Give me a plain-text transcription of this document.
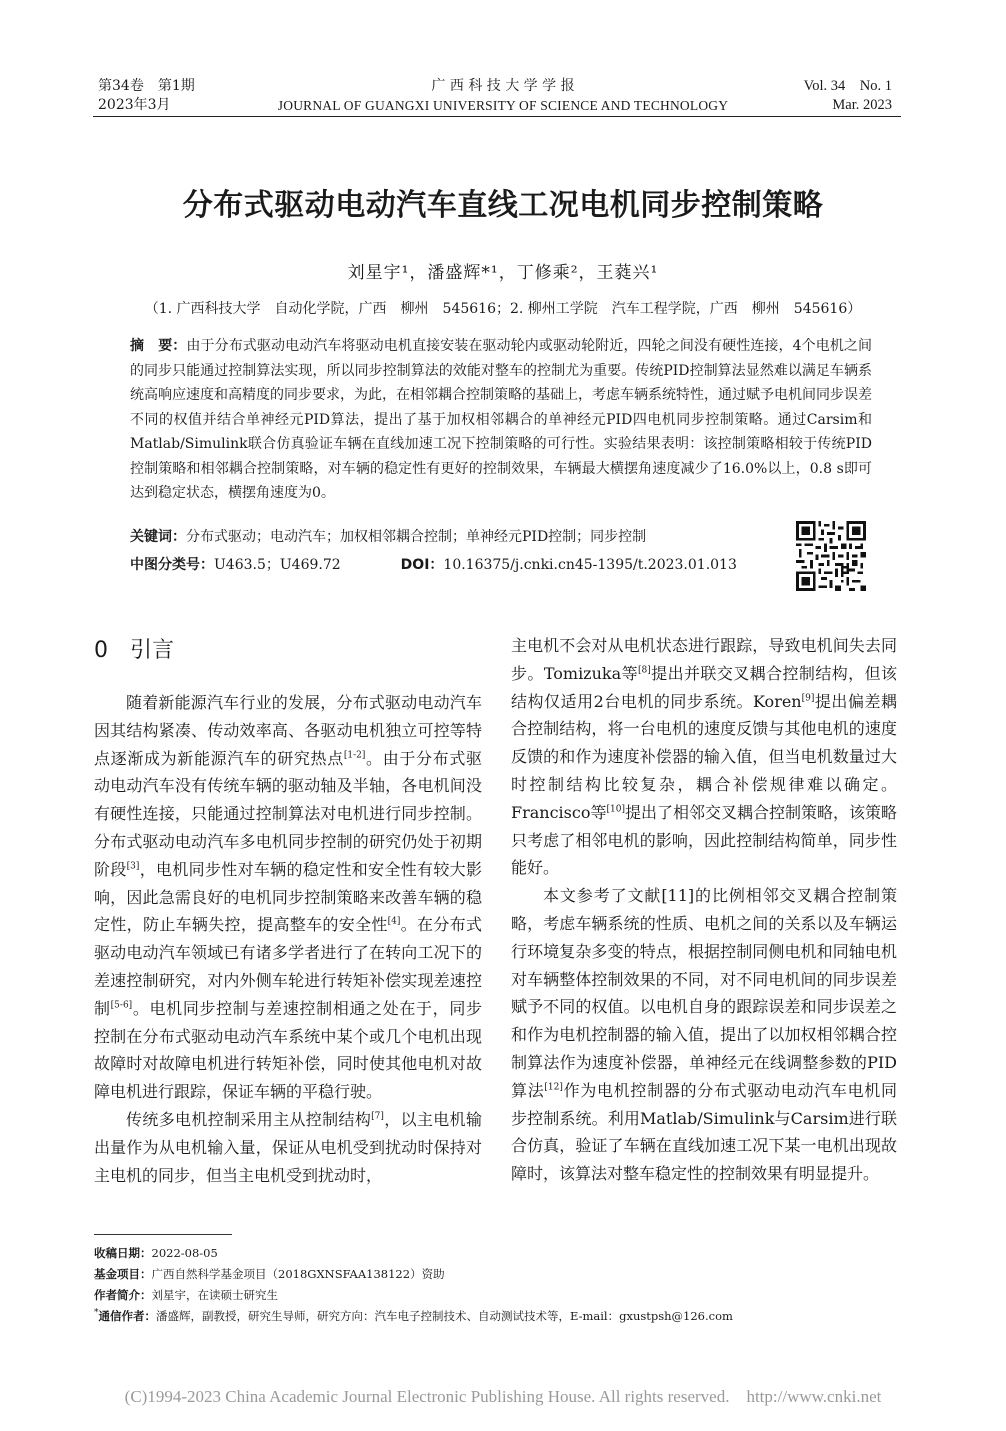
第34卷　第1期
2023年3月
广 西 科 技 大 学 学 报
JOURNAL OF GUANGXI UNIVERSITY OF SCIENCE AND TECHNOLOGY
Vol. 34　No. 1
Mar. 2023
分布式驱动电动汽车直线工况电机同步控制策略
刘星宇¹，潘盛辉*¹，丁修乘²，王蕤兴¹
（1. 广西科技大学　自动化学院，广西　柳州　545616；2. 柳州工学院　汽车工程学院，广西　柳州　545616）
摘　要：由于分布式驱动电动汽车将驱动电机直接安装在驱动轮内或驱动轮附近，四轮之间没有硬性连接，4个电机之间的同步只能通过控制算法实现，所以同步控制算法的效能对整车的控制尤为重要。传统PID控制算法显然难以满足车辆系统高响应速度和高精度的同步要求，为此，在相邻耦合控制策略的基础上，考虑车辆系统特性，通过赋予电机间同步误差不同的权值并结合单神经元PID算法，提出了基于加权相邻耦合的单神经元PID四电机同步控制策略。通过Carsim和Matlab/Simulink联合仿真验证车辆在直线加速工况下控制策略的可行性。实验结果表明：该控制策略相较于传统PID控制策略和相邻耦合控制策略，对车辆的稳定性有更好的控制效果，车辆最大横摆角速度减少了16.0%以上，0.8 s即可达到稳定状态，横摆角速度为0。
关键词：分布式驱动；电动汽车；加权相邻耦合控制；单神经元PID控制；同步控制
中图分类号：U463.5；U469.72	DOI：10.16375/j.cnki.cn45-1395/t.2023.01.013
0　引言

随着新能源汽车行业的发展，分布式驱动电动汽车因其结构紧凑、传动效率高、各驱动电机独立可控等特点逐渐成为新能源汽车的研究热点[1-2]。由于分布式驱动电动汽车没有传统车辆的驱动轴及半轴，各电机间没有硬性连接，只能通过控制算法对电机进行同步控制。分布式驱动电动汽车多电机同步控制的研究仍处于初期阶段[3]，电机同步性对车辆的稳定性和安全性有较大影响，因此急需良好的电机同步控制策略来改善车辆的稳定性，防止车辆失控，提高整车的安全性[4]。在分布式驱动电动汽车领域已有诸多学者进行了在转向工况下的差速控制研究，对内外侧车轮进行转矩补偿实现差速控制[5-6]。电机同步控制与差速控制相通之处在于，同步控制在分布式驱动电动汽车系统中某个或几个电机出现故障时对故障电机进行转矩补偿，同时使其他电机对故障电机进行跟踪，保证车辆的平稳行驶。

传统多电机控制采用主从控制结构[7]，以主电机输出量作为从电机输入量，保证从电机受到扰动时保持对主电机的同步，但当主电机受到扰动时，

主电机不会对从电机状态进行跟踪，导致电机间失去同步。Tomizuka等[8]提出并联交叉耦合控制结构，但该结构仅适用2台电机的同步系统。Koren[9]提出偏差耦合控制结构，将一台电机的速度反馈与其他电机的速度反馈的和作为速度补偿器的输入值，但当电机数量过大时控制结构比较复杂，耦合补偿规律难以确定。Francisco等[10]提出了相邻交叉耦合控制策略，该策略只考虑了相邻电机的影响，因此控制结构简单，同步性能好。

本文参考了文献[11]的比例相邻交叉耦合控制策略，考虑车辆系统的性质、电机之间的关系以及车辆运行环境复杂多变的特点，根据控制同侧电机和同轴电机对车辆整体控制效果的不同，对不同电机间的同步误差赋予不同的权值。以电机自身的跟踪误差和同步误差之和作为电机控制器的输入值，提出了以加权相邻耦合控制算法作为速度补偿器，单神经元在线调整参数的PID算法[12]作为电机控制器的分布式驱动电动汽车电机同步控制系统。利用Matlab/Simulink与Carsim进行联合仿真，验证了车辆在直线加速工况下某一电机出现故障时，该算法对整车稳定性的控制效果有明显提升。

收稿日期：2022-08-05
基金项目：广西自然科学基金项目（2018GXNSFAA138122）资助
作者简介：刘星宇，在读硕士研究生
*通信作者：潘盛辉，副教授，研究生导师，研究方向：汽车电子控制技术、自动测试技术等，E-mail：gxustpsh@126.com
(C)1994-2023 China Academic Journal Electronic Publishing House. All rights reserved.　http://www.cnki.net
